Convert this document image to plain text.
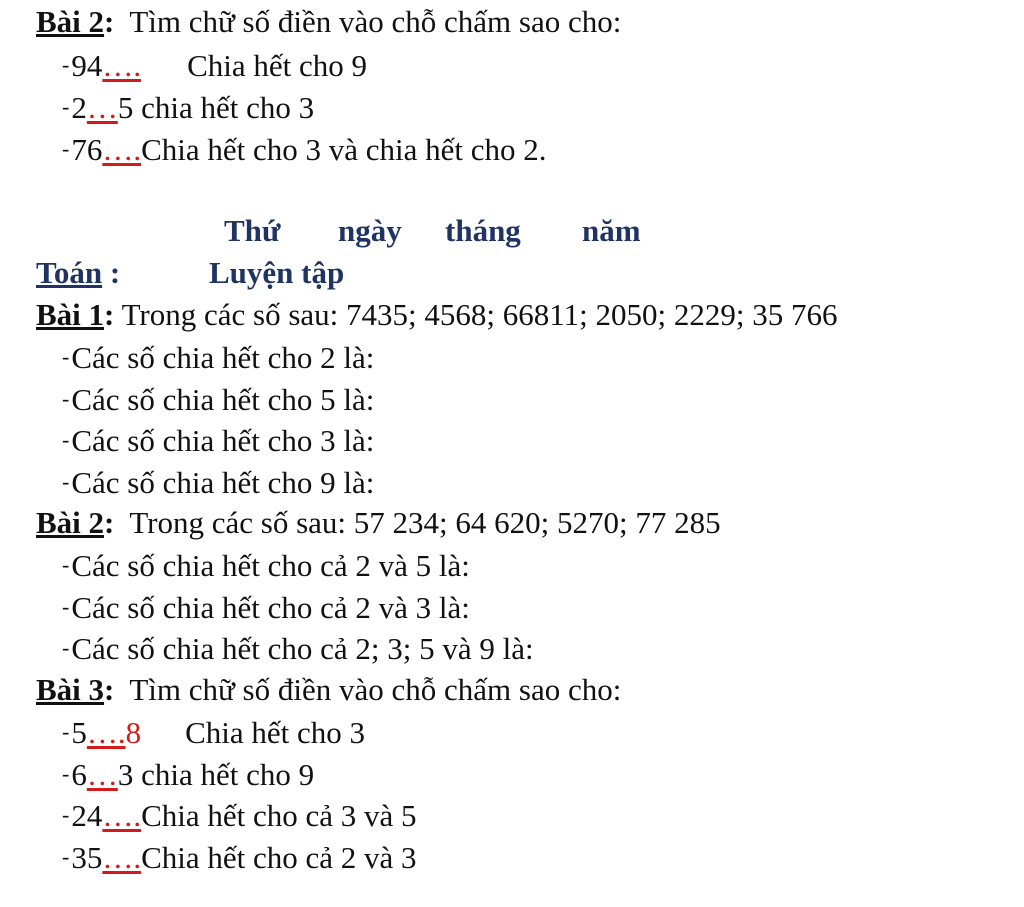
Bài 2: Tìm chữ số điền vào chỗ chấm sao cho:
-94…. Chia hết cho 9
-2…5 chia hết cho 3
-76….Chia hết cho 3 và chia hết cho 2.
Thứ ngày tháng năm
Toán :	Luyện tập
Bài 1: Trong các số sau: 7435; 4568; 66811; 2050; 2229; 35 766
-Các số chia hết cho 2 là:
-Các số chia hết cho 5 là:
-Các số chia hết cho 3 là:
-Các số chia hết cho 9 là:
Bài 2: Trong các số sau: 57 234; 64 620; 5270; 77 285
-Các số chia hết cho cả 2 và 5 là:
-Các số chia hết cho cả 2 và 3 là:
-Các số chia hết cho cả 2; 3; 5 và 9 là:
Bài 3: Tìm chữ số điền vào chỗ chấm sao cho:
-5….8 Chia hết cho 3
-6…3 chia hết cho 9
-24….Chia hết cho cả 3 và 5
-35….Chia hết cho cả 2 và 3
